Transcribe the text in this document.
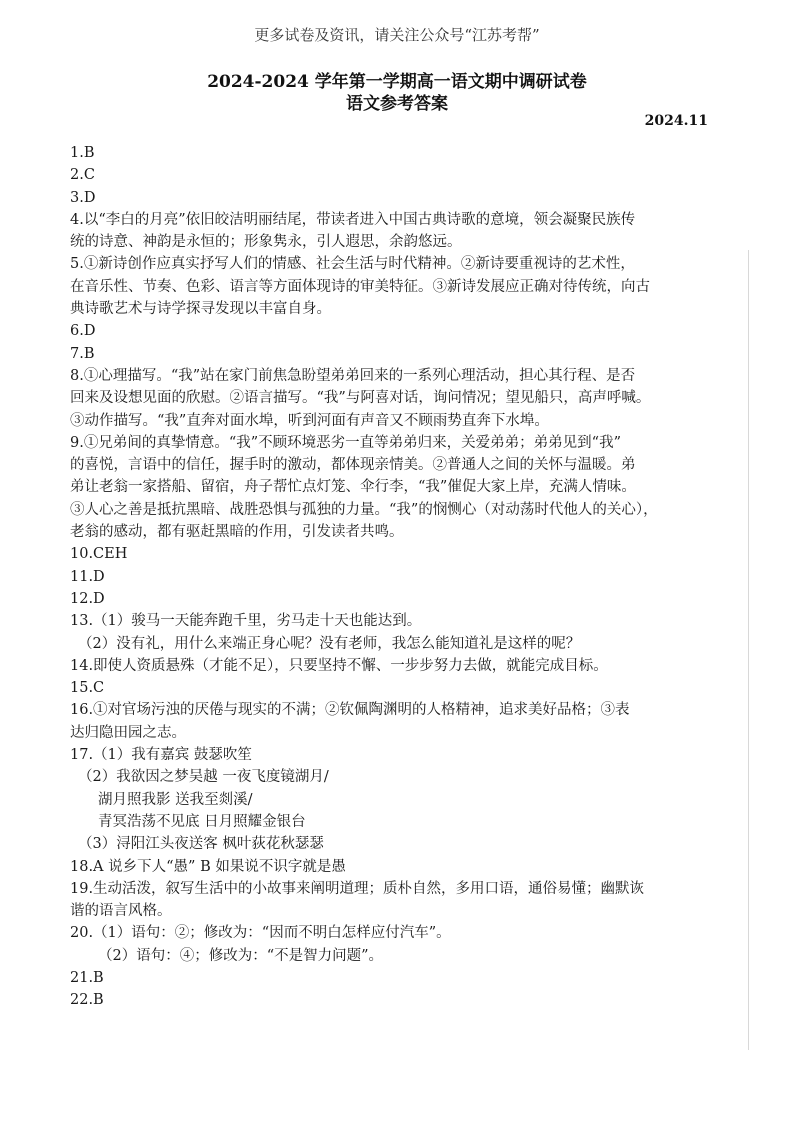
更多试卷及资讯，请关注公众号“江苏考帮”
2024-2024 学年第一学期高一语文期中调研试卷
语文参考答案
2024.11
1.B
2.C
3.D
4.以“李白的月亮”依旧皎洁明丽结尾，带读者进入中国古典诗歌的意境，领会凝聚民族传
统的诗意、神韵是永恒的；形象隽永，引人遐思，余韵悠远。
5.①新诗创作应真实抒写人们的情感、社会生活与时代精神。②新诗要重视诗的艺术性，
在音乐性、节奏、色彩、语言等方面体现诗的审美特征。③新诗发展应正确对待传统，向古
典诗歌艺术与诗学探寻发现以丰富自身。
6.D
7.B
8.①心理描写。“我”站在家门前焦急盼望弟弟回来的一系列心理活动，担心其行程、是否
回来及设想见面的欣慰。②语言描写。“我”与阿喜对话，询问情况；望见船只，高声呼喊。
③动作描写。“我”直奔对面水埠，听到河面有声音又不顾雨势直奔下水埠。
9.①兄弟间的真挚情意。“我”不顾环境恶劣一直等弟弟归来，关爱弟弟；弟弟见到“我”
的喜悦，言语中的信任，握手时的激动，都体现亲情美。②普通人之间的关怀与温暖。弟
弟让老翁一家搭船、留宿，舟子帮忙点灯笼、伞行李，“我”催促大家上岸，充满人情味。
③人心之善是抵抗黑暗、战胜恐惧与孤独的力量。“我”的悯恻心（对动荡时代他人的关心），
老翁的感动，都有驱赶黑暗的作用，引发读者共鸣。
10.CEH
11.D
12.D
13.（1）骏马一天能奔跑千里，劣马走十天也能达到。
（2）没有礼，用什么来端正身心呢？没有老师，我怎么能知道礼是这样的呢？
14.即使人资质悬殊（才能不足），只要坚持不懈、一步步努力去做，就能完成目标。
15.C
16.①对官场污浊的厌倦与现实的不满；②钦佩陶渊明的人格精神，追求美好品格；③表
达归隐田园之志。
17.（1）我有嘉宾 鼓瑟吹笙
（2）我欲因之梦吴越 一夜飞度镜湖月/
湖月照我影 送我至剡溪/
青冥浩荡不见底 日月照耀金银台
（3）浔阳江头夜送客 枫叶荻花秋瑟瑟
18.A 说乡下人“愚” B 如果说不识字就是愚
19.生动活泼，叙写生活中的小故事来阐明道理；质朴自然，多用口语，通俗易懂；幽默诙
谐的语言风格。
20.（1）语句：②；修改为：“因而不明白怎样应付汽车”。
（2）语句：④；修改为：“不是智力问题”。
21.B
22.B
